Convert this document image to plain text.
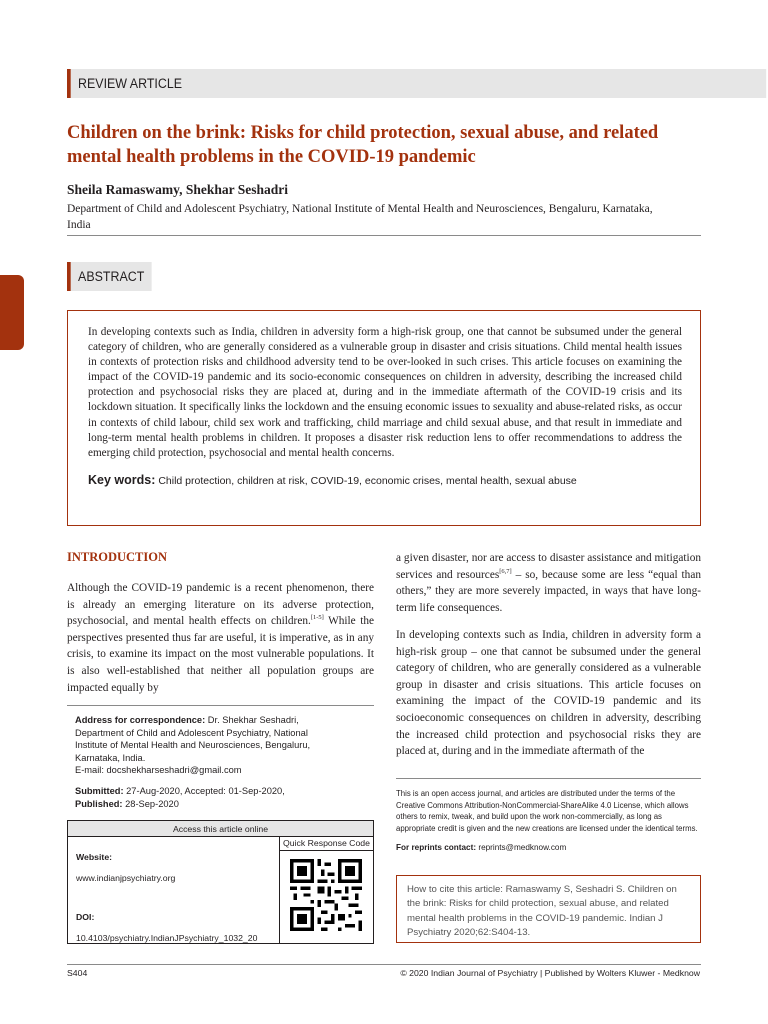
REVIEW ARTICLE
Children on the brink: Risks for child protection, sexual abuse, and related mental health problems in the COVID-19 pandemic
Sheila Ramaswamy, Shekhar Seshadri
Department of Child and Adolescent Psychiatry, National Institute of Mental Health and Neurosciences, Bengaluru, Karnataka, India
ABSTRACT

In developing contexts such as India, children in adversity form a high-risk group, one that cannot be subsumed under the general category of children, who are generally considered as a vulnerable group in disaster and crisis situations. Child mental health issues in contexts of protection risks and childhood adversity tend to be over-looked in such crises. This article focuses on examining the impact of the COVID-19 pandemic and its socio-economic consequences on children in adversity, describing the increased child protection and psychosocial risks they are placed at, during and in the immediate aftermath of the COVID-19 crisis and its lockdown situation. It specifically links the lockdown and the ensuing economic issues to sexuality and abuse-related risks, as occur in contexts of child labour, child sex work and trafficking, child marriage and child sexual abuse, and that result in immediate and long-term mental health problems in children. It proposes a disaster risk reduction lens to offer recommendations to address the emerging child protection, psychosocial and mental health concerns.

Key words: Child protection, children at risk, COVID-19, economic crises, mental health, sexual abuse

INTRODUCTION

Although the COVID-19 pandemic is a recent phenomenon, there is already an emerging literature on its adverse protection, psychosocial, and mental health effects on children.[1-5] While the perspectives presented thus far are useful, it is imperative, as in any crisis, to examine its impact on the most vulnerable populations. It is also well-established that neither all population groups are impacted equally by

a given disaster, nor are access to disaster assistance and mitigation services and resources[6,7] – so, because some are less “equal than others,” they are more severely impacted, in ways that have long-term life consequences.

In developing contexts such as India, children in adversity form a high-risk group – one that cannot be subsumed under the general category of children, who are generally considered as a vulnerable group in disaster and crisis situations. This article focuses on examining the impact of the COVID-19 pandemic and its socioeconomic consequences on children in adversity, describing the increased child protection and psychosocial risks they are placed at, during and in the immediate aftermath of the

Address for correspondence: Dr. Shekhar Seshadri,
Department of Child and Adolescent Psychiatry, National
Institute of Mental Health and Neurosciences, Bengaluru,
Karnataka, India.
E-mail: docshekharseshadri@gmail.com
Submitted: 27-Aug-2020, Accepted: 01-Sep-2020,
Published: 28-Sep-2020
Access this article online
Website:
www.indianjpsychiatry.org
DOI:
10.4103/psychiatry.IndianJPsychiatry_1032_20
Quick Response Code

This is an open access journal, and articles are distributed under the terms of the Creative Commons Attribution-NonCommercial-ShareAlike 4.0 License, which allows others to remix, tweak, and build upon the work non-commercially, as long as appropriate credit is given and the new creations are licensed under the identical terms.

For reprints contact: reprints@medknow.com

How to cite this article: Ramaswamy S, Seshadri S. Children on the brink: Risks for child protection, sexual abuse, and related mental health problems in the COVID-19 pandemic. Indian J Psychiatry 2020;62:S404-13.

S404	© 2020 Indian Journal of Psychiatry | Published by Wolters Kluwer - Medknow
